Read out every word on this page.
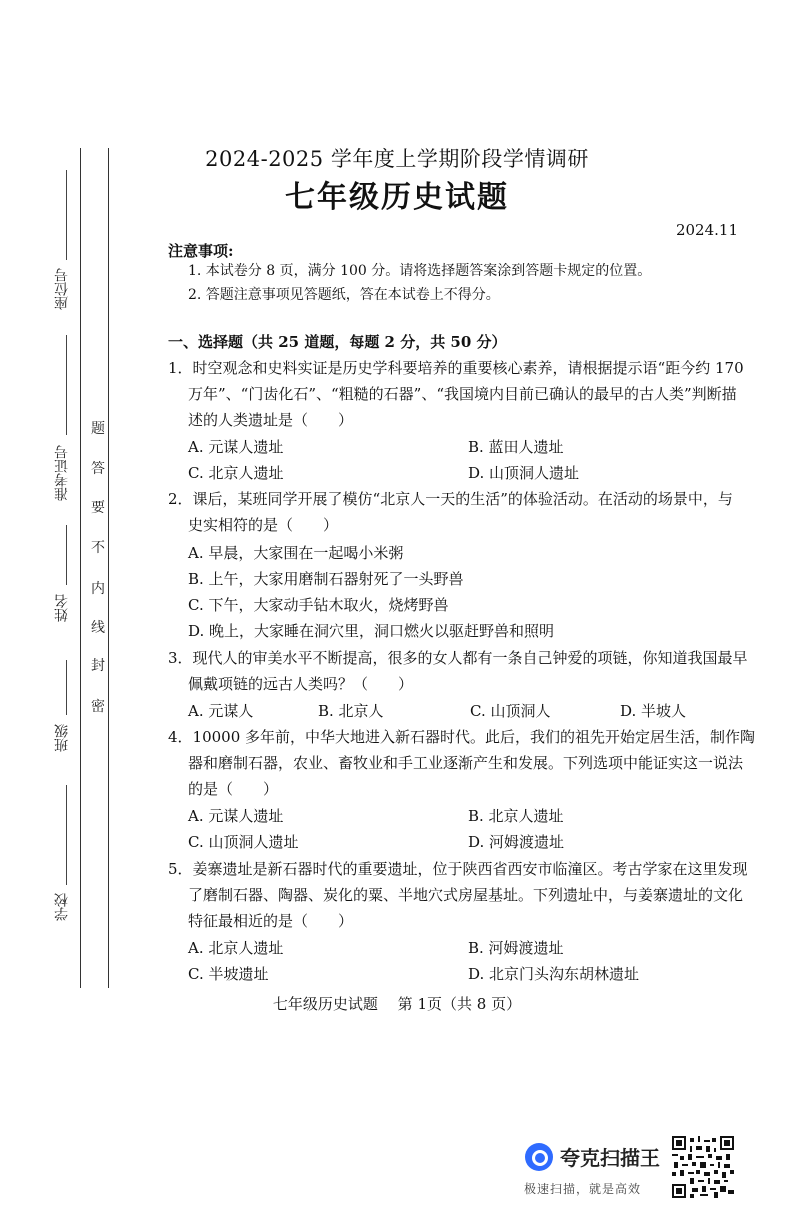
座位号
准考证号
姓名
班级
学校
密
封
线
内
不
要
答
题
2024-2025 学年度上学期阶段学情调研
七年级历史试题
2024.11
注意事项:
1. 本试卷分 8 页，满分 100 分。请将选择题答案涂到答题卡规定的位置。
2. 答题注意事项见答题纸，答在本试卷上不得分。
一、选择题（共 25 道题，每题 2 分，共 50 分）
1．时空观念和史料实证是历史学科要培养的重要核心素养，请根据提示语“距今约 170
万年”、“门齿化石”、“粗糙的石器”、“我国境内目前已确认的最早的古人类”判断描
述的人类遗址是（　　）
A. 元谋人遗址	B. 蓝田人遗址
C. 北京人遗址	D. 山顶洞人遗址
2．课后，某班同学开展了模仿“北京人一天的生活”的体验活动。在活动的场景中，与
史实相符的是（　　）
A. 早晨，大家围在一起喝小米粥
B. 上午，大家用磨制石器射死了一头野兽
C. 下午，大家动手钻木取火，烧烤野兽
D. 晚上，大家睡在洞穴里，洞口燃火以驱赶野兽和照明
3．现代人的审美水平不断提高，很多的女人都有一条自己钟爱的项链，你知道我国最早
佩戴项链的远古人类吗？（　　）
A. 元谋人	B. 北京人	C. 山顶洞人	D. 半坡人
4．10000 多年前，中华大地进入新石器时代。此后，我们的祖先开始定居生活，制作陶
器和磨制石器，农业、畜牧业和手工业逐渐产生和发展。下列选项中能证实这一说法
的是（　　）
A. 元谋人遗址	B. 北京人遗址
C. 山顶洞人遗址	D. 河姆渡遗址
5．姜寨遗址是新石器时代的重要遗址，位于陕西省西安市临潼区。考古学家在这里发现
了磨制石器、陶器、炭化的粟、半地穴式房屋基址。下列遗址中，与姜寨遗址的文化
特征最相近的是（　　）
A. 北京人遗址	B. 河姆渡遗址
C. 半坡遗址	D. 北京门头沟东胡林遗址
七年级历史试题　 第 1页（共 8 页）
夸克扫描王
极速扫描，就是高效
